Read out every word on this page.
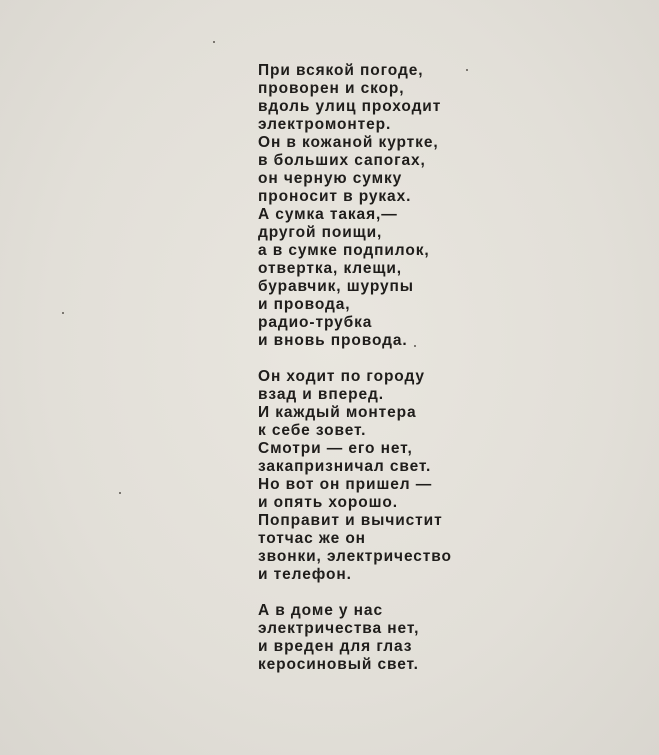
При всякой погоде,
проворен и скор,
вдоль улиц проходит
электромонтер.
Он в кожаной куртке,
в больших сапогах,
он черную сумку
проносит в руках.
А сумка такая,—
другой поищи,
а в сумке подпилок,
отвертка, клещи,
буравчик, шурупы
и провода,
радио-трубка
и вновь провода.
Он ходит по городу
взад и вперед.
И каждый монтера
к себе зовет.
Смотри — его нет,
закапризничал свет.
Но вот он пришел —
и опять хорошо.
Поправит и вычистит
тотчас же он
звонки, электричество
и телефон.
А в доме у нас
электричества нет,
и вреден для глаз
керосиновый свет.
